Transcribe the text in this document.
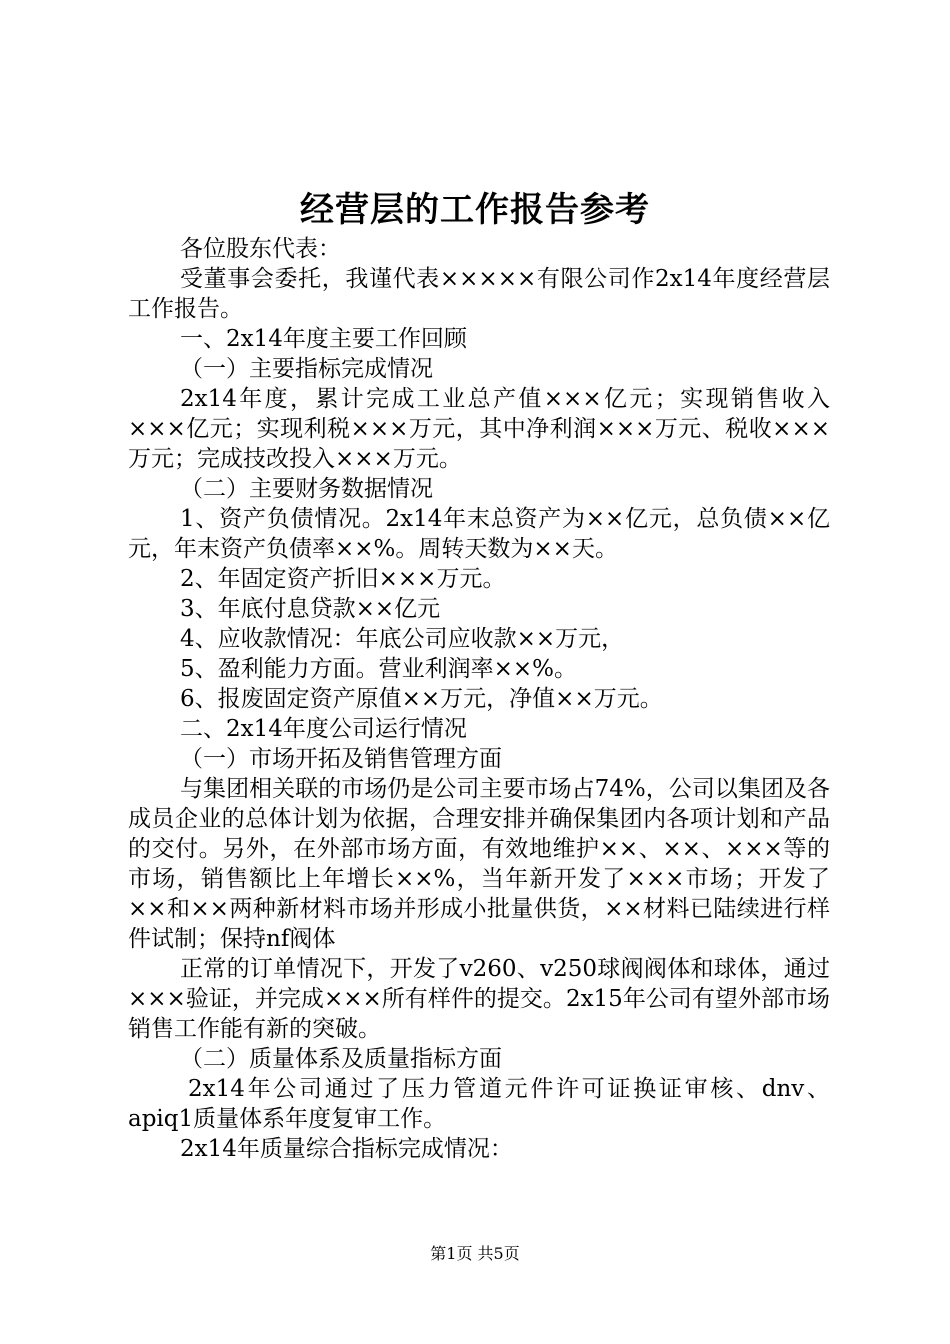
经营层的工作报告参考

各位股东代表：

受董事会委托，我谨代表×××××有限公司作2x14年度经营层工作报告。

一、2x14年度主要工作回顾

（一）主要指标完成情况

2x14年度，累计完成工业总产值×××亿元；实现销售收入×××亿元；实现利税×××万元，其中净利润×××万元、税收×××万元；完成技改投入×××万元。

（二）主要财务数据情况

1、资产负债情况。2x14年末总资产为××亿元，总负债××亿元，年末资产负债率××%。周转天数为××天。

2、年固定资产折旧×××万元。

3、年底付息贷款××亿元

4、应收款情况：年底公司应收款××万元，

5、盈利能力方面。营业利润率××%。

6、报废固定资产原值××万元，净值××万元。

二、2x14年度公司运行情况

（一）市场开拓及销售管理方面

与集团相关联的市场仍是公司主要市场占74%，公司以集团及各成员企业的总体计划为依据，合理安排并确保集团内各项计划和产品的交付。另外，在外部市场方面，有效地维护××、××、×××等的市场，销售额比上年增长××%，当年新开发了×××市场；开发了××和××两种新材料市场并形成小批量供货，××材料已陆续进行样件试制；保持nf阀体

正常的订单情况下，开发了v260、v250球阀阀体和球体，通过×××验证，并完成×××所有样件的提交。2x15年公司有望外部市场销售工作能有新的突破。

（二）质量体系及质量指标方面

2x14年公司通过了压力管道元件许可证换证审核、dnv、apiq1质量体系年度复审工作。

2x14年质量综合指标完成情况：

第1页 共5页
